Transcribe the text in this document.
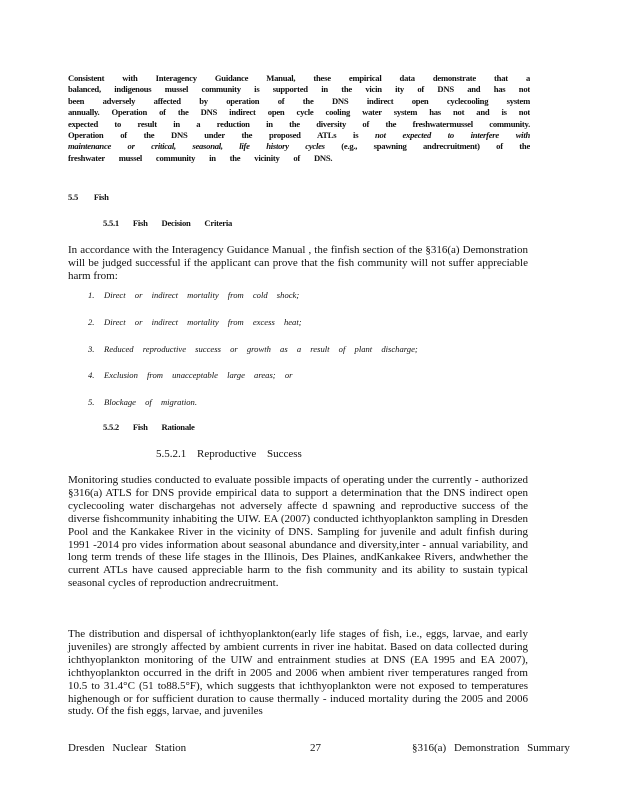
Consistent with Interagency Guidance Manual, these empirical data demonstrate that a

balanced, indigenous mussel community is supported in the vicin ity of DNS and has not

been adversely affected by operation of the DNS indirect open cyclecooling system

annually. Operation of the DNS indirect open cycle cooling water system has not and is not

expected to result in a reduction in the diversity of the freshwatermussel community.

Operation of the DNS under the proposed ATLs is not expected to interfere with

maintenance or critical, seasonal, life history cycles (e.g., spawning andrecruitment) of the

freshwater mussel community in the vicinity of DNS.

5.5 Fish
5.5.1 Fish Decision Criteria

In accordance with the Interagency Guidance Manual , the finfish section of the §316(a) Demonstration will be judged successful if the applicant can prove that the fish community will not suffer appreciable harm from:

1. Direct or indirect mortality from cold shock;
2. Direct or indirect mortality from excess heat;
3. Reduced reproductive success or growth as a result of plant discharge;
4. Exclusion from unacceptable large areas; or
5. Blockage of migration.
5.5.2 Fish Rationale
5.5.2.1 Reproductive Success

Monitoring studies conducted to evaluate possible impacts of operating under the currently - authorized §316(a) ATLS for DNS provide empirical data to support a determination that the DNS indirect open cyclecooling water dischargehas not adversely affecte d spawning and reproductive success of the diverse fishcommunity inhabiting the UIW. EA (2007) conducted ichthyoplankton sampling in Dresden Pool and the Kankakee River in the vicinity of DNS. Sampling for juvenile and adult finfish during 1991 -2014 pro vides information about seasonal abundance and diversity,inter - annual variability, and long term trends of these life stages in the Illinois, Des Plaines, andKankakee Rivers, andwhether the current ATLs have caused appreciable harm to the fish community and its ability to sustain typical seasonal cycles of reproduction andrecruitment.

The distribution and dispersal of ichthyoplankton(early life stages of fish, i.e., eggs, larvae, and early juveniles) are strongly affected by ambient currents in river ine habitat. Based on data collected during ichthyoplankton monitoring of the UIW and entrainment studies at DNS (EA 1995 and EA 2007), ichthyoplankton occurred in the drift in 2005 and 2006 when ambient river temperatures ranged from 10.5 to 31.4°C (51 to88.5°F), which suggests that ichthyoplankton were not exposed to temperatures highenough or for sufficient duration to cause thermally - induced mortality during the 2005 and 2006 study. Of the fish eggs, larvae, and juveniles

Dresden Nuclear Station	27	§316(a) Demonstration Summary
